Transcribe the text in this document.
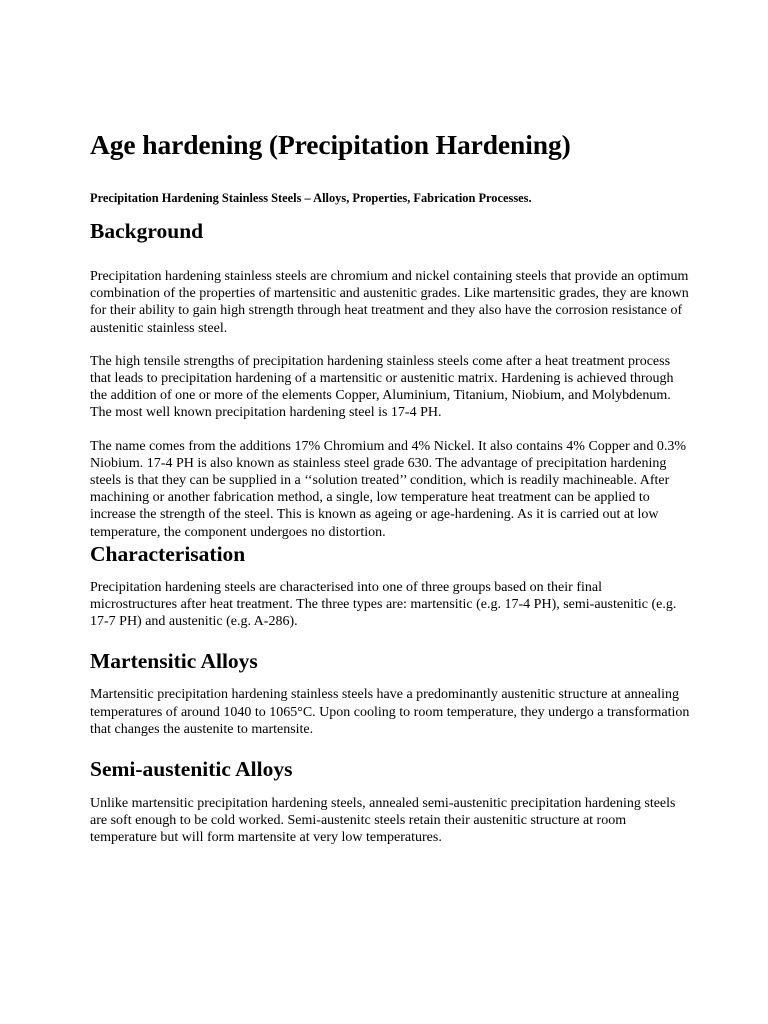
Age hardening (Precipitation Hardening)
Precipitation Hardening Stainless Steels – Alloys, Properties, Fabrication Processes.
Background

Precipitation hardening stainless steels are chromium and nickel containing steels that provide an optimum combination of the properties of martensitic and austenitic grades. Like martensitic grades, they are known for their ability to gain high strength through heat treatment and they also have the corrosion resistance of austenitic stainless steel.

The high tensile strengths of precipitation hardening stainless steels come after a heat treatment process that leads to precipitation hardening of a martensitic or austenitic matrix. Hardening is achieved through the addition of one or more of the elements Copper, Aluminium, Titanium, Niobium, and Molybdenum. The most well known precipitation hardening steel is 17-4 PH.

The name comes from the additions 17% Chromium and 4% Nickel. It also contains 4% Copper and 0.3% Niobium. 17-4 PH is also known as stainless steel grade 630. The advantage of precipitation hardening steels is that they can be supplied in a ‘‘solution treated’’ condition, which is readily machineable. After machining or another fabrication method, a single, low temperature heat treatment can be applied to increase the strength of the steel. This is known as ageing or age-hardening. As it is carried out at low temperature, the component undergoes no distortion.

Characterisation

Precipitation hardening steels are characterised into one of three groups based on their final microstructures after heat treatment. The three types are: martensitic (e.g. 17-4 PH), semi-austenitic (e.g. 17-7 PH) and austenitic (e.g. A-286).

Martensitic Alloys

Martensitic precipitation hardening stainless steels have a predominantly austenitic structure at annealing temperatures of around 1040 to 1065°C. Upon cooling to room temperature, they undergo a transformation that changes the austenite to martensite.

Semi-austenitic Alloys

Unlike martensitic precipitation hardening steels, annealed semi-austenitic precipitation hardening steels are soft enough to be cold worked. Semi-austenitc steels retain their austenitic structure at room temperature but will form martensite at very low temperatures.
